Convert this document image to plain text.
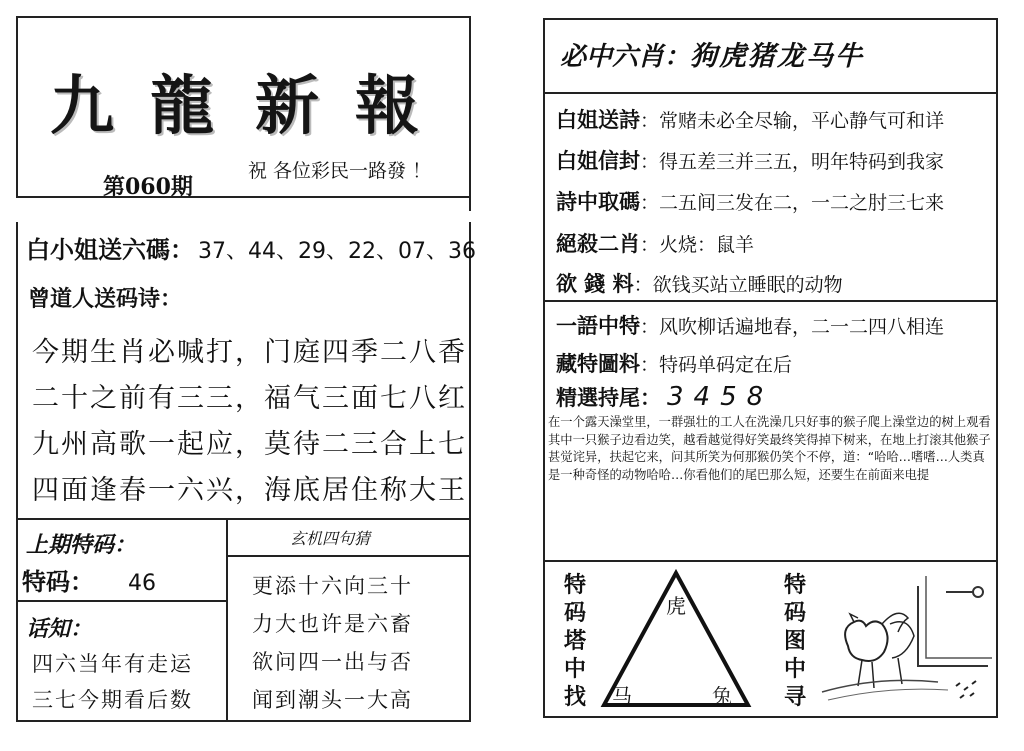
九 龍 新 報
第060期
祝 各位彩民一路發 ！
白小姐送六碼： 37、44、29、22、07、36
曾道人送码诗：
今期生肖必喊打，门庭四季二八香
二十之前有三三，福气三面七八红
九州高歌一起应，莫待二三合上七
四面逢春一六兴，海底居住称大王
上期特码：
特码： 46
话知：
四六当年有走运
三七今期看后数
玄机四句猜
更添十六向三十
力大也许是六畜
欲问四一出与否
闻到潮头一大高
必中六肖：狗虎猪龙马牛
白姐送詩：常赌未必全尽输，平心静气可和详
白姐信封：得五差三并三五，明年特码到我家
詩中取碼：二五间三发在二，一二之肘三七来
絕殺二肖：火烧：鼠羊
欲 錢 料：欲钱买站立睡眠的动物
一語中特：风吹柳话遍地春，二一二四八相连
藏特圖料：特码单码定在后
精選持尾： 3458
在一个露天澡堂里，一群强壮的工人在洗澡几只好事的猴子爬上澡堂边的树上观看其中一只猴子边看边笑，越看越觉得好笑最终笑得掉下树来，在地上打滚其他猴子甚觉诧异，扶起它来，问其所笑为何那猴仍笑个不停，道：“哈哈…嗜嗜…人类真是一种奇怪的动物哈哈…你看他们的尾巴那么短，还要生在前面来电提
特
码
塔
中
找
虎
马	兔
特
码
图
中
寻
